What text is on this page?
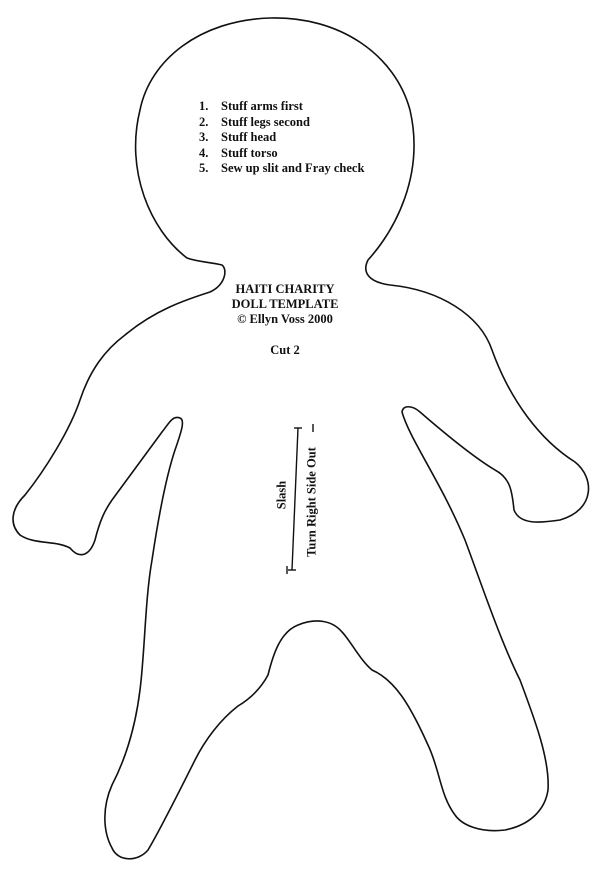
1. Stuff arms first
2. Stuff legs second
3. Stuff head
4. Stuff torso
5. Sew up slit and Fray check
HAITI CHARITY
DOLL TEMPLATE
© Ellyn Voss 2000
Cut 2
Slash Turn Right Side Out
